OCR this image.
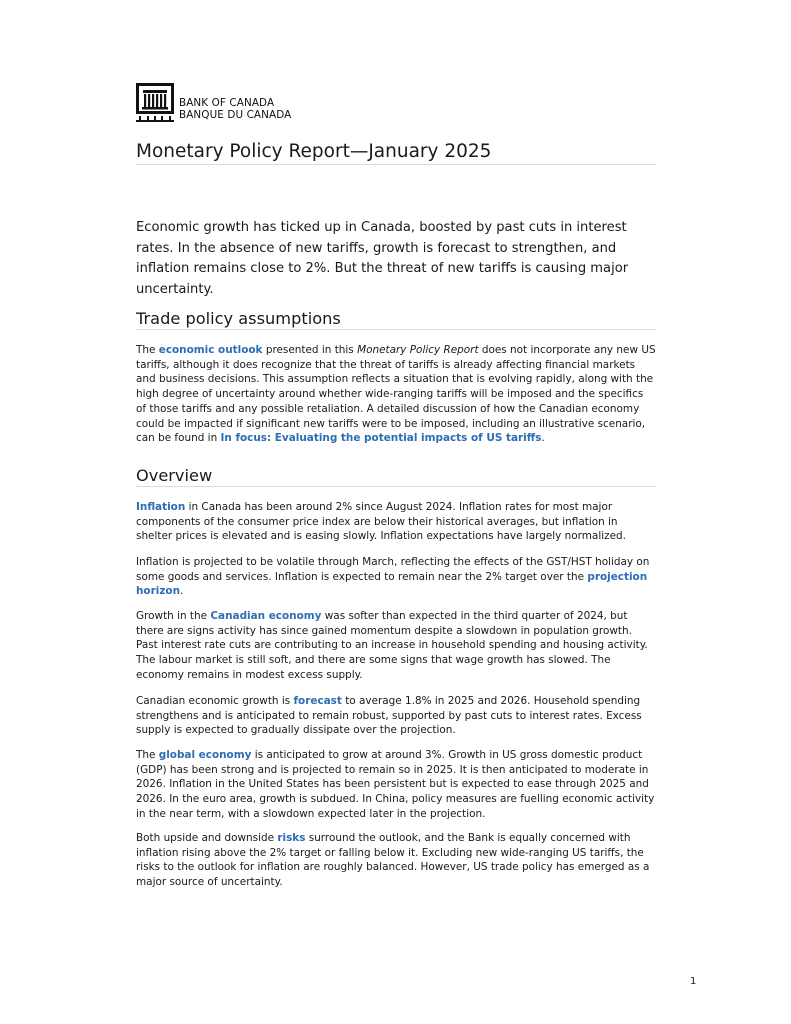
BANK OF CANADA
BANQUE DU CANADA
Monetary Policy Report—January 2025

Economic growth has ticked up in Canada, boosted by past cuts in interest rates. In the absence of new tariffs, growth is forecast to strengthen, and inflation remains close to 2%. But the threat of new tariffs is causing major uncertainty.

Trade policy assumptions

The economic outlook presented in this Monetary Policy Report does not incorporate any new US tariffs, although it does recognize that the threat of tariffs is already affecting financial markets and business decisions. This assumption reflects a situation that is evolving rapidly, along with the high degree of uncertainty around whether wide-ranging tariffs will be imposed and the specifics of those tariffs and any possible retaliation. A detailed discussion of how the Canadian economy could be impacted if significant new tariffs were to be imposed, including an illustrative scenario, can be found in In focus: Evaluating the potential impacts of US tariffs.

Overview

Inflation in Canada has been around 2% since August 2024. Inflation rates for most major components of the consumer price index are below their historical averages, but inflation in shelter prices is elevated and is easing slowly. Inflation expectations have largely normalized.

Inflation is projected to be volatile through March, reflecting the effects of the GST/HST holiday on some goods and services. Inflation is expected to remain near the 2% target over the projection horizon.

Growth in the Canadian economy was softer than expected in the third quarter of 2024, but there are signs activity has since gained momentum despite a slowdown in population growth. Past interest rate cuts are contributing to an increase in household spending and housing activity. The labour market is still soft, and there are some signs that wage growth has slowed. The economy remains in modest excess supply.

Canadian economic growth is forecast to average 1.8% in 2025 and 2026. Household spending strengthens and is anticipated to remain robust, supported by past cuts to interest rates. Excess supply is expected to gradually dissipate over the projection.

The global economy is anticipated to grow at around 3%. Growth in US gross domestic product (GDP) has been strong and is projected to remain so in 2025. It is then anticipated to moderate in 2026. Inflation in the United States has been persistent but is expected to ease through 2025 and 2026. In the euro area, growth is subdued. In China, policy measures are fuelling economic activity in the near term, with a slowdown expected later in the projection.

Both upside and downside risks surround the outlook, and the Bank is equally concerned with inflation rising above the 2% target or falling below it. Excluding new wide-ranging US tariffs, the risks to the outlook for inflation are roughly balanced. However, US trade policy has emerged as a major source of uncertainty.

1
